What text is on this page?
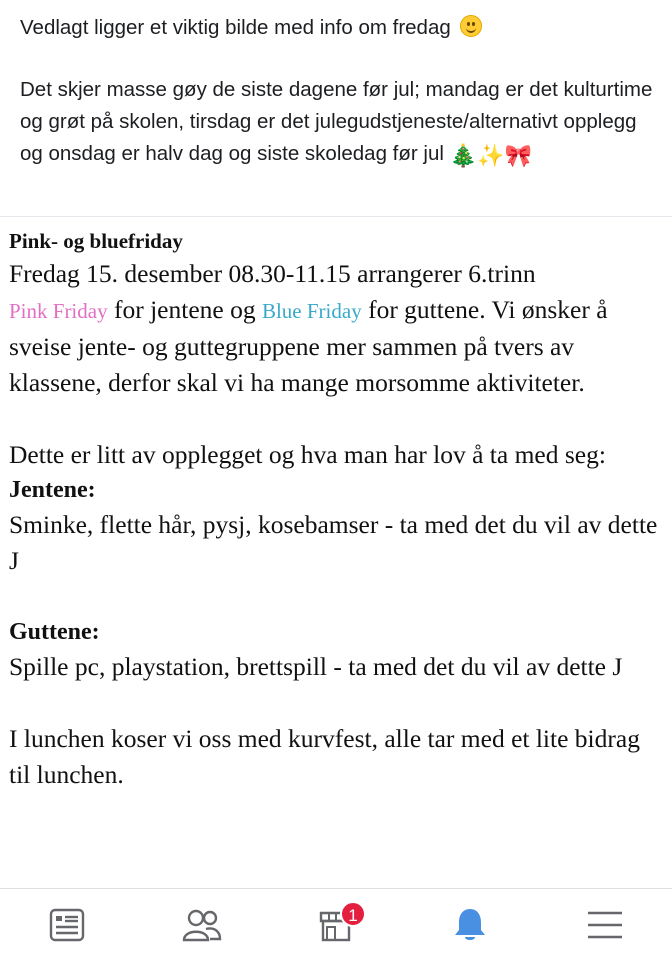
Vedlagt ligger et viktig bilde med info om fredag

Det skjer masse gøy de siste dagene før jul; mandag er det kulturtime og grøt på skolen, tirsdag er det julegudstjeneste/alternativt opplegg og onsdag er halv dag og siste skoledag før jul 🎄✨🎀

Pink- og bluefriday

Fredag 15. desember 08.30-11.15 arrangerer 6.trinn
Pink Friday for jentene og Blue Friday for guttene. Vi ønsker å sveise jente- og guttegruppene mer sammen på tvers av klassene, derfor skal vi ha mange morsomme aktiviteter.

Dette er litt av opplegget og hva man har lov å ta med seg:

Jentene:

Sminke, flette hår, pysj, kosebamser - ta med det du vil av dette J

Guttene:

Spille pc, playstation, brettspill - ta med det du vil av dette J

I lunchen koser vi oss med kurvfest, alle tar med et lite bidrag til lunchen.

1
